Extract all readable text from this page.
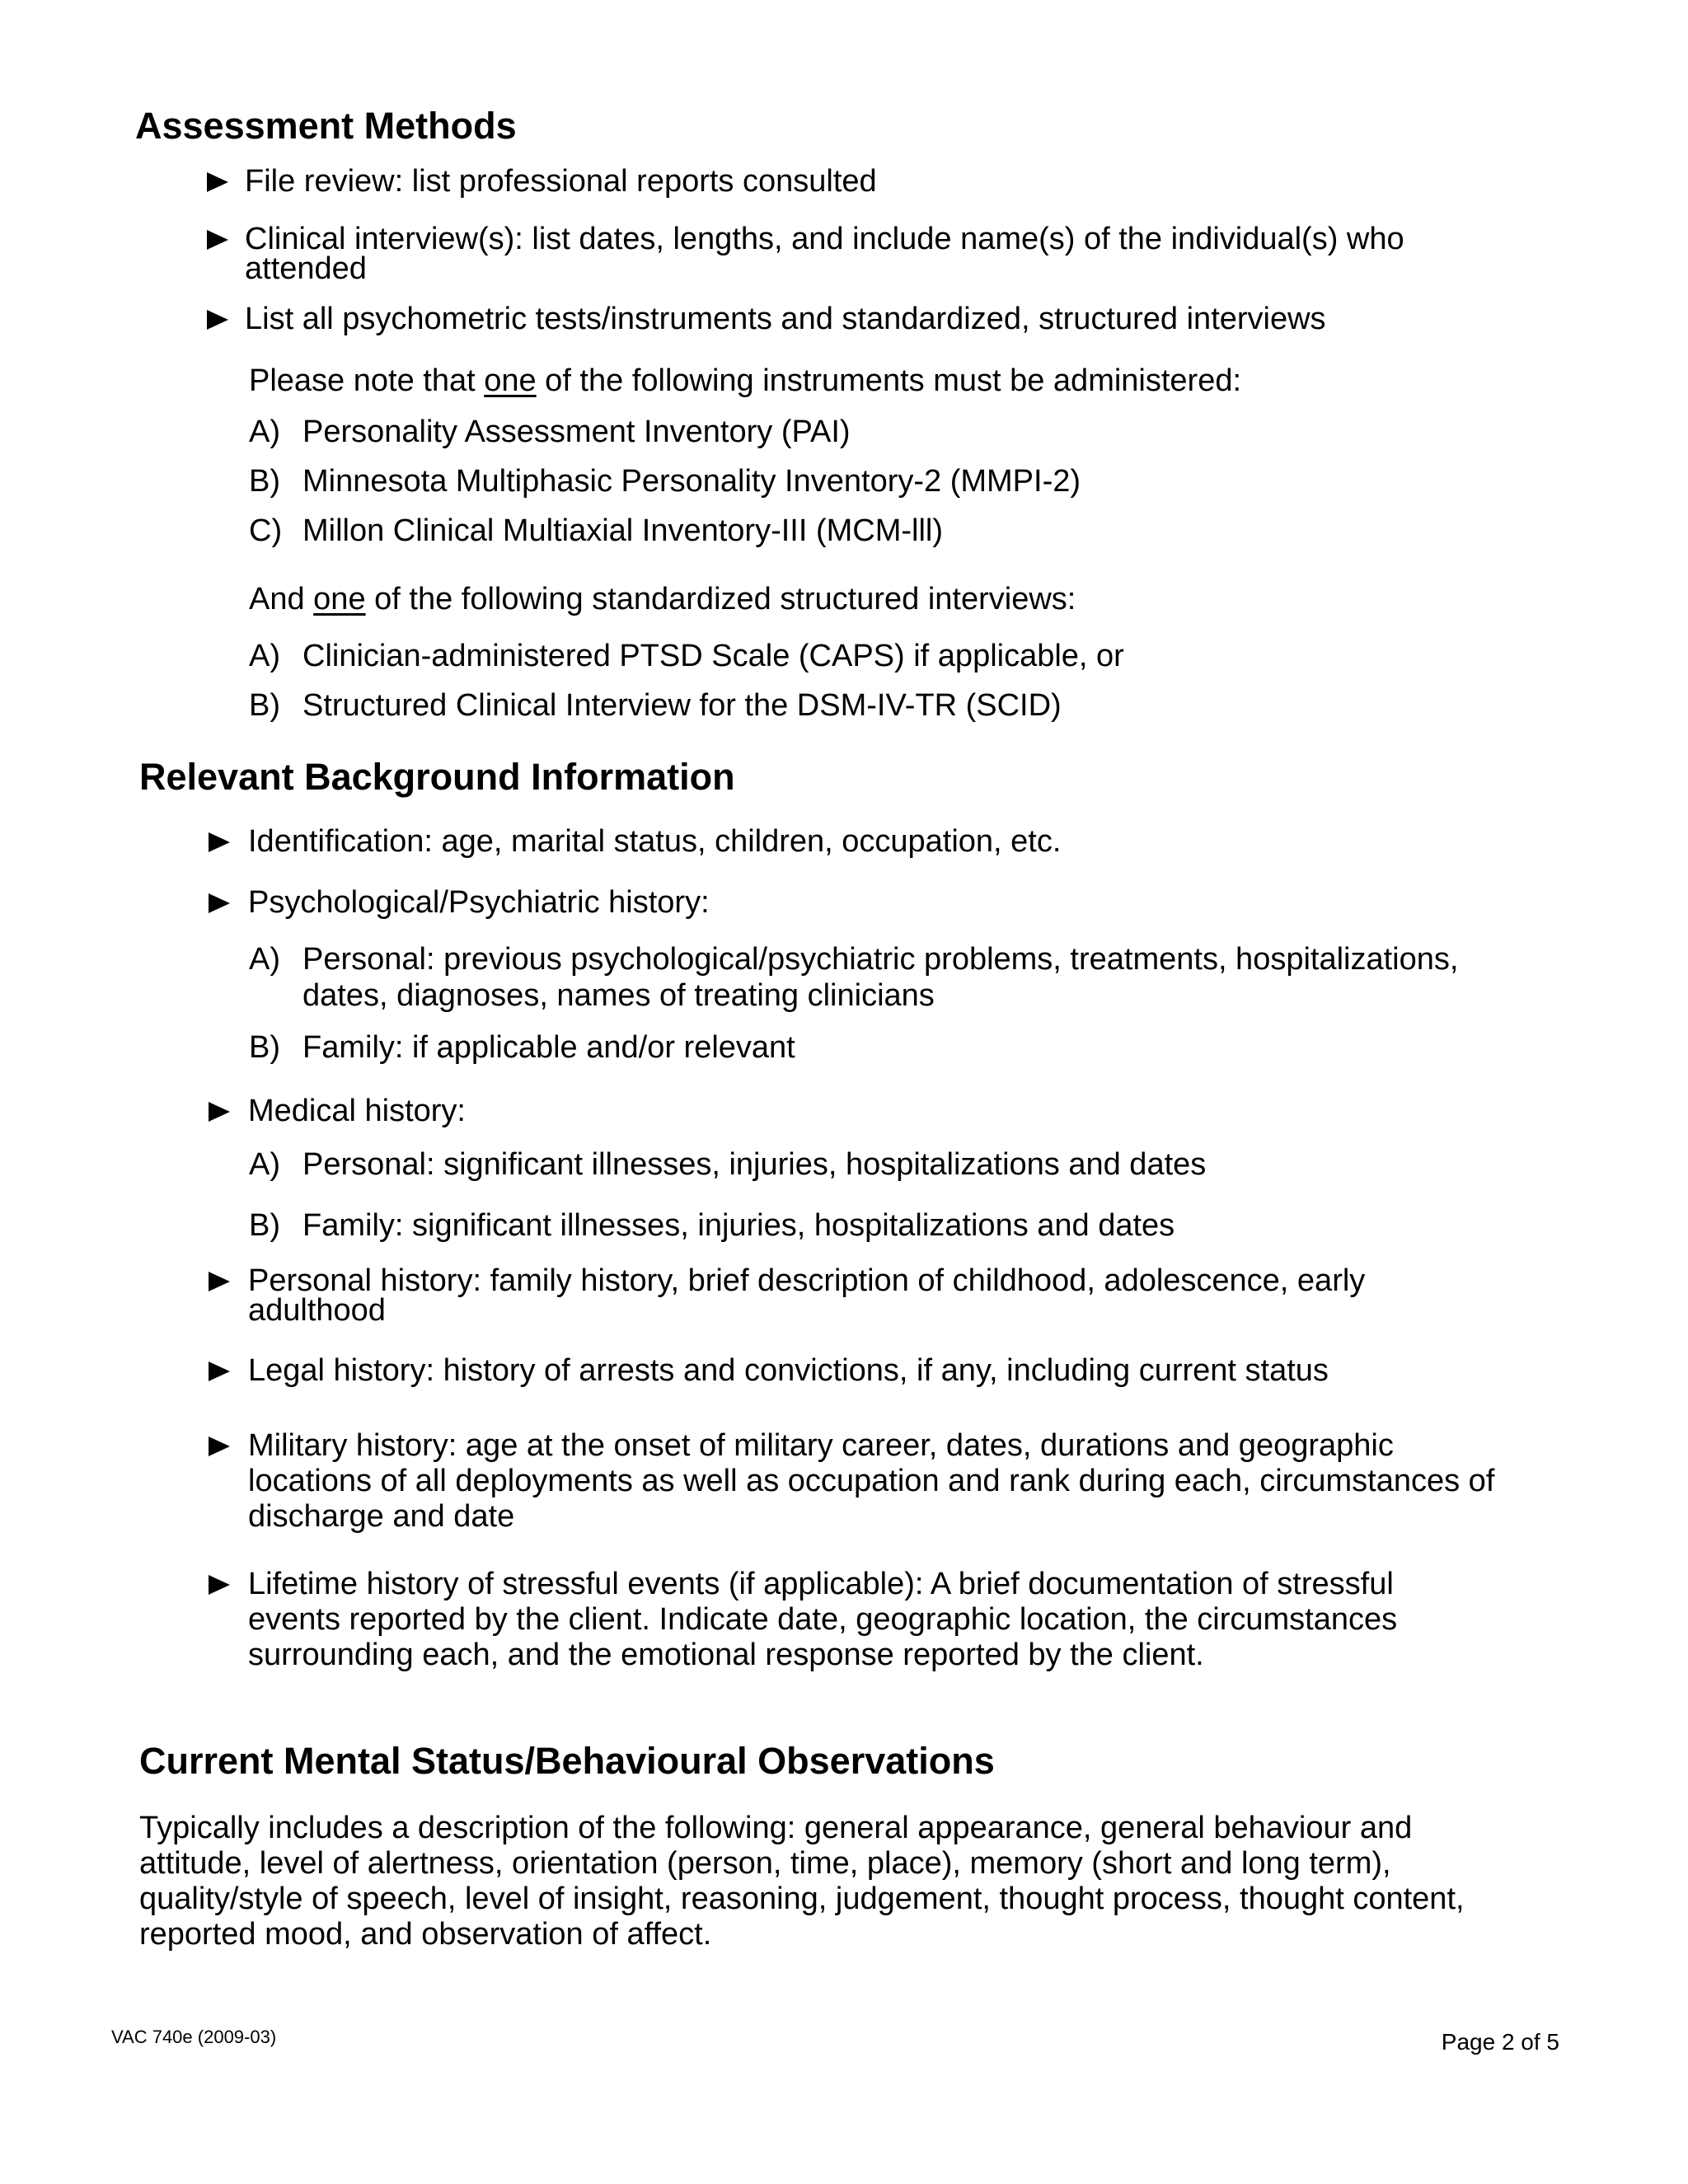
Assessment Methods
File review: list professional reports consulted
Clinical interview(s): list dates, lengths, and include name(s) of the individual(s) who
attended
List all psychometric tests/instruments and standardized, structured interviews
Please note that one of the following instruments must be administered:
A) Personality Assessment Inventory (PAI)
B) Minnesota Multiphasic Personality Inventory-2 (MMPI-2)
C) Millon Clinical Multiaxial Inventory-III (MCM-lll)
And one of the following standardized structured interviews:
A) Clinician-administered PTSD Scale (CAPS) if applicable, or
B) Structured Clinical Interview for the DSM-IV-TR (SCID)
Relevant Background Information
Identification: age, marital status, children, occupation, etc.
Psychological/Psychiatric history:
A) Personal: previous psychological/psychiatric problems, treatments, hospitalizations,
dates, diagnoses, names of treating clinicians
B) Family: if applicable and/or relevant
Medical history:
A) Personal: significant illnesses, injuries, hospitalizations and dates
B) Family: significant illnesses, injuries, hospitalizations and dates
Personal history: family history, brief description of childhood, adolescence, early
adulthood
Legal history: history of arrests and convictions, if any, including current status
Military history: age at the onset of military career, dates, durations and geographic
locations of all deployments as well as occupation and rank during each, circumstances of
discharge and date
Lifetime history of stressful events (if applicable): A brief documentation of stressful
events reported by the client. Indicate date, geographic location, the circumstances
surrounding each, and the emotional response reported by the client.
Current Mental Status/Behavioural Observations
Typically includes a description of the following: general appearance, general behaviour and
attitude, level of alertness, orientation (person, time, place), memory (short and long term),
quality/style of speech, level of insight, reasoning, judgement, thought process, thought content,
reported mood, and observation of affect.
VAC 740e (2009-03)	Page 2 of 5
